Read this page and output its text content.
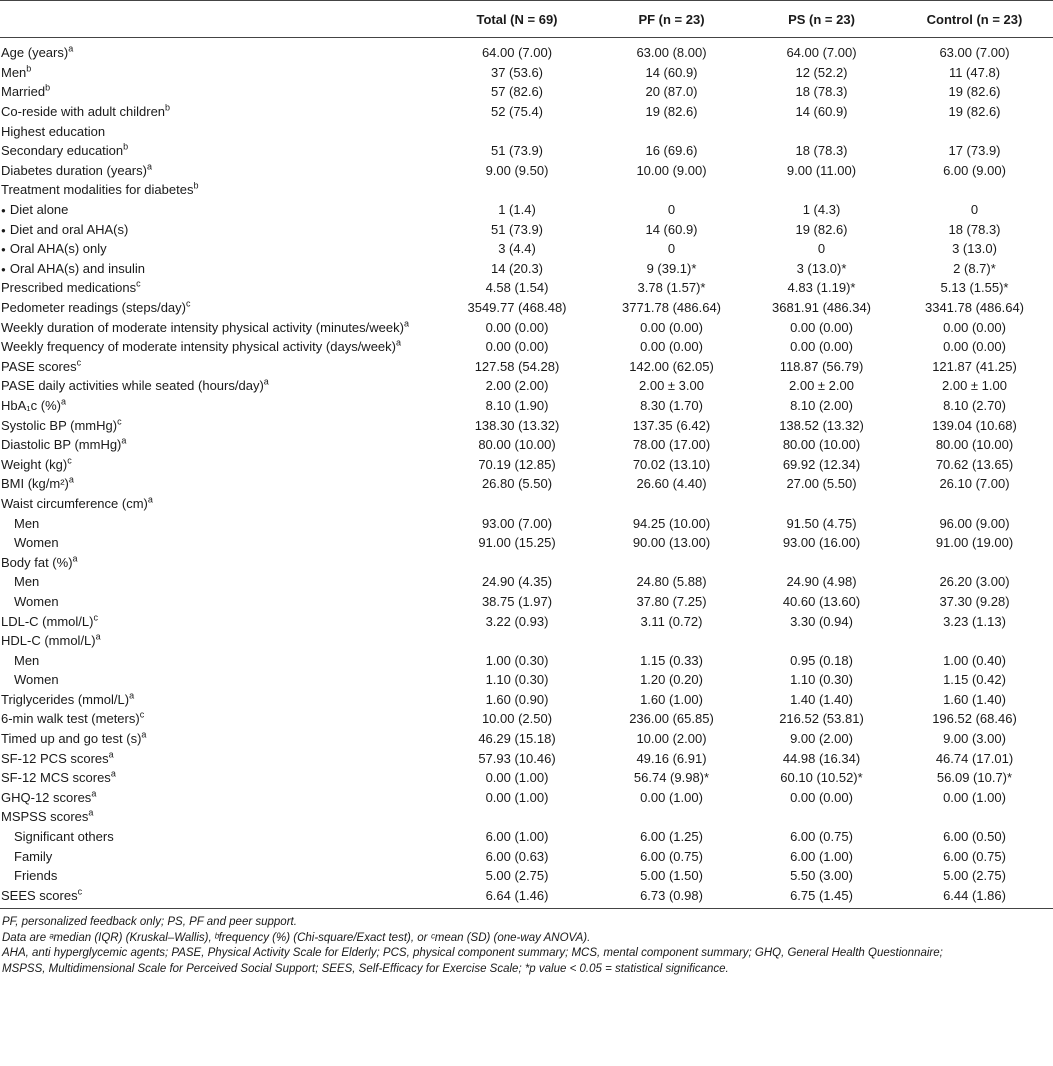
	Total (N = 69)	PF (n = 23)	PS (n = 23)	Control (n = 23)
Age (years)$^a$	64.00 (7.00)	63.00 (8.00)	64.00 (7.00)	63.00 (7.00)
Men$^b$	37 (53.6)	14 (60.9)	12 (52.2)	11 (47.8)
Married$^b$	57 (82.6)	20 (87.0)	18 (78.3)	19 (82.6)
Co-reside with adult children$^b$	52 (75.4)	19 (82.6)	14 (60.9)	19 (82.6)
Highest education				
Secondary education$^b$	51 (73.9)	16 (69.6)	18 (78.3)	17 (73.9)
Diabetes duration (years)$^a$	9.00 (9.50)	10.00 (9.00)	9.00 (11.00)	6.00 (9.00)
Treatment modalities for diabetes$^b$				
● Diet alone	1 (1.4)	0	1 (4.3)	0
● Diet and oral AHA(s)	51 (73.9)	14 (60.9)	19 (82.6)	18 (78.3)
● Oral AHA(s) only	3 (4.4)	0	0	3 (13.0)
● Oral AHA(s) and insulin	14 (20.3)	9 (39.1)*	3 (13.0)*	2 (8.7)*
Prescribed medications$^c$	4.58 (1.54)	3.78 (1.57)*	4.83 (1.19)*	5.13 (1.55)*
Pedometer readings (steps/day)$^c$	3549.77 (468.48)	3771.78 (486.64)	3681.91 (486.34)	3341.78 (486.64)
Weekly duration of moderate intensity physical activity (minutes/week)$^a$	0.00 (0.00)	0.00 (0.00)	0.00 (0.00)	0.00 (0.00)
Weekly frequency of moderate intensity physical activity (days/week)$^a$	0.00 (0.00)	0.00 (0.00)	0.00 (0.00)	0.00 (0.00)
PASE scores$^c$	127.58 (54.28)	142.00 (62.05)	118.87 (56.79)	121.87 (41.25)
PASE daily activities while seated (hours/day)$^a$	2.00 (2.00)	2.00 ± 3.00	2.00 ± 2.00	2.00 ± 1.00
HbA₁c (%)$^a$	8.10 (1.90)	8.30 (1.70)	8.10 (2.00)	8.10 (2.70)
Systolic BP (mmHg)$^c$	138.30 (13.32)	137.35 (6.42)	138.52 (13.32)	139.04 (10.68)
Diastolic BP (mmHg)$^a$	80.00 (10.00)	78.00 (17.00)	80.00 (10.00)	80.00 (10.00)
Weight (kg)$^c$	70.19 (12.85)	70.02 (13.10)	69.92 (12.34)	70.62 (13.65)
BMI $(kg/m^2)^a$	26.80 (5.50)	26.60 (4.40)	27.00 (5.50)	26.10 (7.00)
Waist circumference (cm)$^a$				
Men	93.00 (7.00)	94.25 (10.00)	91.50 (4.75)	96.00 (9.00)
Women	91.00 (15.25)	90.00 (13.00)	93.00 (16.00)	91.00 (19.00)
Body fat (%)$^a$				
Men	24.90 (4.35)	24.80 (5.88)	24.90 (4.98)	26.20 (3.00)
Women	38.75 (1.97)	37.80 (7.25)	40.60 (13.60)	37.30 (9.28)
LDL-C (mmol/L)$^c$	3.22 (0.93)	3.11 (0.72)	3.30 (0.94)	3.23 (1.13)
HDL-C (mmol/L)$^a$				
Men	1.00 (0.30)	1.15 (0.33)	0.95 (0.18)	1.00 (0.40)
Women	1.10 (0.30)	1.20 (0.20)	1.10 (0.30)	1.15 (0.42)
Triglycerides (mmol/L)$^a$	1.60 (0.90)	1.60 (1.00)	1.40 (1.40)	1.60 (1.40)
6-min walk test (meters)$^c$	10.00 (2.50)	236.00 (65.85)	216.52 (53.81)	196.52 (68.46)
Timed up and go test $(s)^a$	46.29 (15.18)	10.00 (2.00)	9.00 (2.00)	9.00 (3.00)
SF-12 PCS scores$^a$	57.93 (10.46)	49.16 (6.91)	44.98 (16.34)	46.74 (17.01)
SF-12 MCS scores$^a$	0.00 (1.00)	56.74 (9.98)*	60.10 (10.52)*	56.09 (10.7)*
GHQ-12 scores$^a$	0.00 (1.00)	0.00 (1.00)	0.00 (0.00)	0.00 (1.00)
MSPSS scores$^a$				
Significant others	6.00 (1.00)	6.00 (1.25)	6.00 (0.75)	6.00 (0.50)
Family	6.00 (0.63)	6.00 (0.75)	6.00 (1.00)	6.00 (0.75)
Friends	5.00 (2.75)	5.00 (1.50)	5.50 (3.00)	5.00 (2.75)
SEES scores$^c$	6.64 (1.46)	6.73 (0.98)	6.75 (1.45)	6.44 (1.86)
PF, personalized feedback only; PS, PF and peer support.
Data are ᵃmedian (IQR) (Kruskal–Wallis), ᵇfrequency (%) (Chi-square/Exact test), or ᶜmean (SD) (one-way ANOVA).
AHA, anti hyperglycemic agents; PASE, Physical Activity Scale for Elderly; PCS, physical component summary; MCS, mental component summary; GHQ, General Health Questionnaire;
MSPSS, Multidimensional Scale for Perceived Social Support; SEES, Self-Efficacy for Exercise Scale; *p value < 0.05 = statistical significance.
